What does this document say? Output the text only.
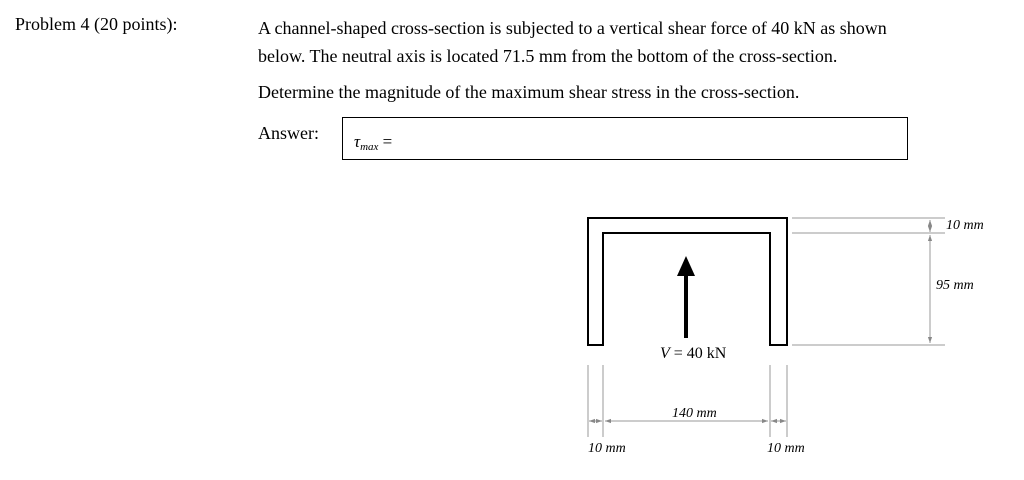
Problem 4 (20 points):	A channel-shaped cross-section is subjected to a vertical shear force of 40 kN as shown

below. The neutral axis is located 71.5 mm from the bottom of the cross-section.

Determine the magnitude of the maximum shear stress in the cross-section.
Answer: $\tau_{max}$ =
V = 40 kN
10 mm
95 mm
140 mm
10 mm	10 mm
